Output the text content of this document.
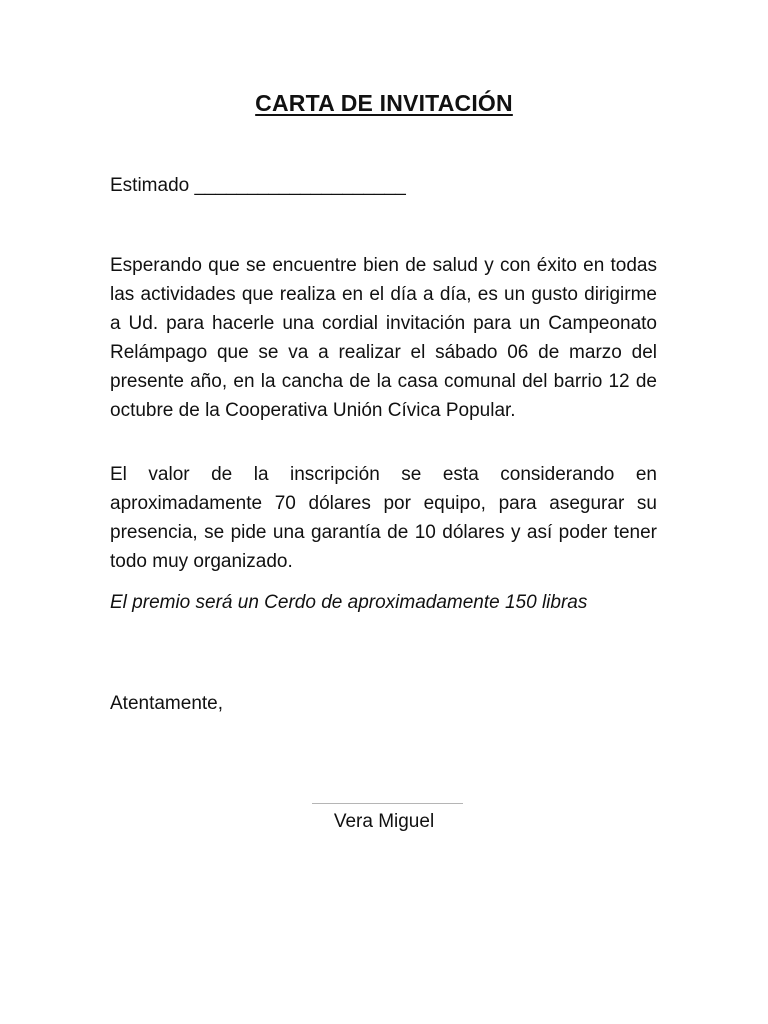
CARTA DE INVITACIÓN

Estimado ____________________

Esperando que se encuentre bien de salud y con éxito en todas las actividades que realiza en el día a día, es un gusto dirigirme a Ud. para hacerle una cordial invitación para un Campeonato Relámpago que se va a realizar el sábado 06 de marzo del presente año, en la cancha de la casa comunal del barrio 12 de octubre de la Cooperativa Unión Cívica Popular.

El valor de la inscripción se esta considerando en aproximadamente 70 dólares por equipo, para asegurar su presencia, se pide una garantía de 10 dólares y así poder tener todo muy organizado.

El premio será un Cerdo de aproximadamente 150 libras

Atentamente,

Vera Miguel
